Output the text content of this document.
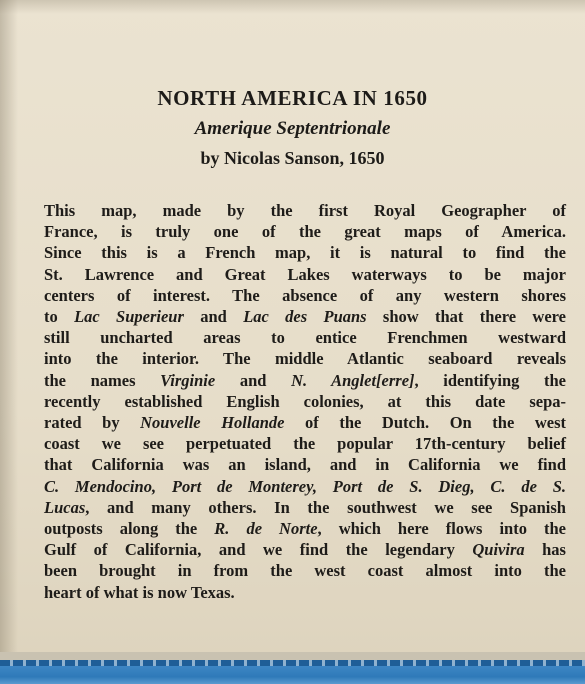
NORTH AMERICA IN 1650
Amerique Septentrionale
by Nicolas Sanson, 1650
This map, made by the first Royal Geographer of
France, is truly one of the great maps of America.
Since this is a French map, it is natural to find the
St. Lawrence and Great Lakes waterways to be major
centers of interest. The absence of any western shores
to Lac Superieur and Lac des Puans show that there were
still uncharted areas to entice Frenchmen westward
into the interior. The middle Atlantic seaboard reveals
the names Virginie and N. Anglet[erre], identifying the
recently established English colonies, at this date sepa-
rated by Nouvelle Hollande of the Dutch. On the west
coast we see perpetuated the popular 17th-century belief
that California was an island, and in California we find
C. Mendocino, Port de Monterey, Port de S. Dieg, C. de S.
Lucas, and many others. In the southwest we see Spanish
outposts along the R. de Norte, which here flows into the
Gulf of California, and we find the legendary Quivira has
been brought in from the west coast almost into the
heart of what is now Texas.
